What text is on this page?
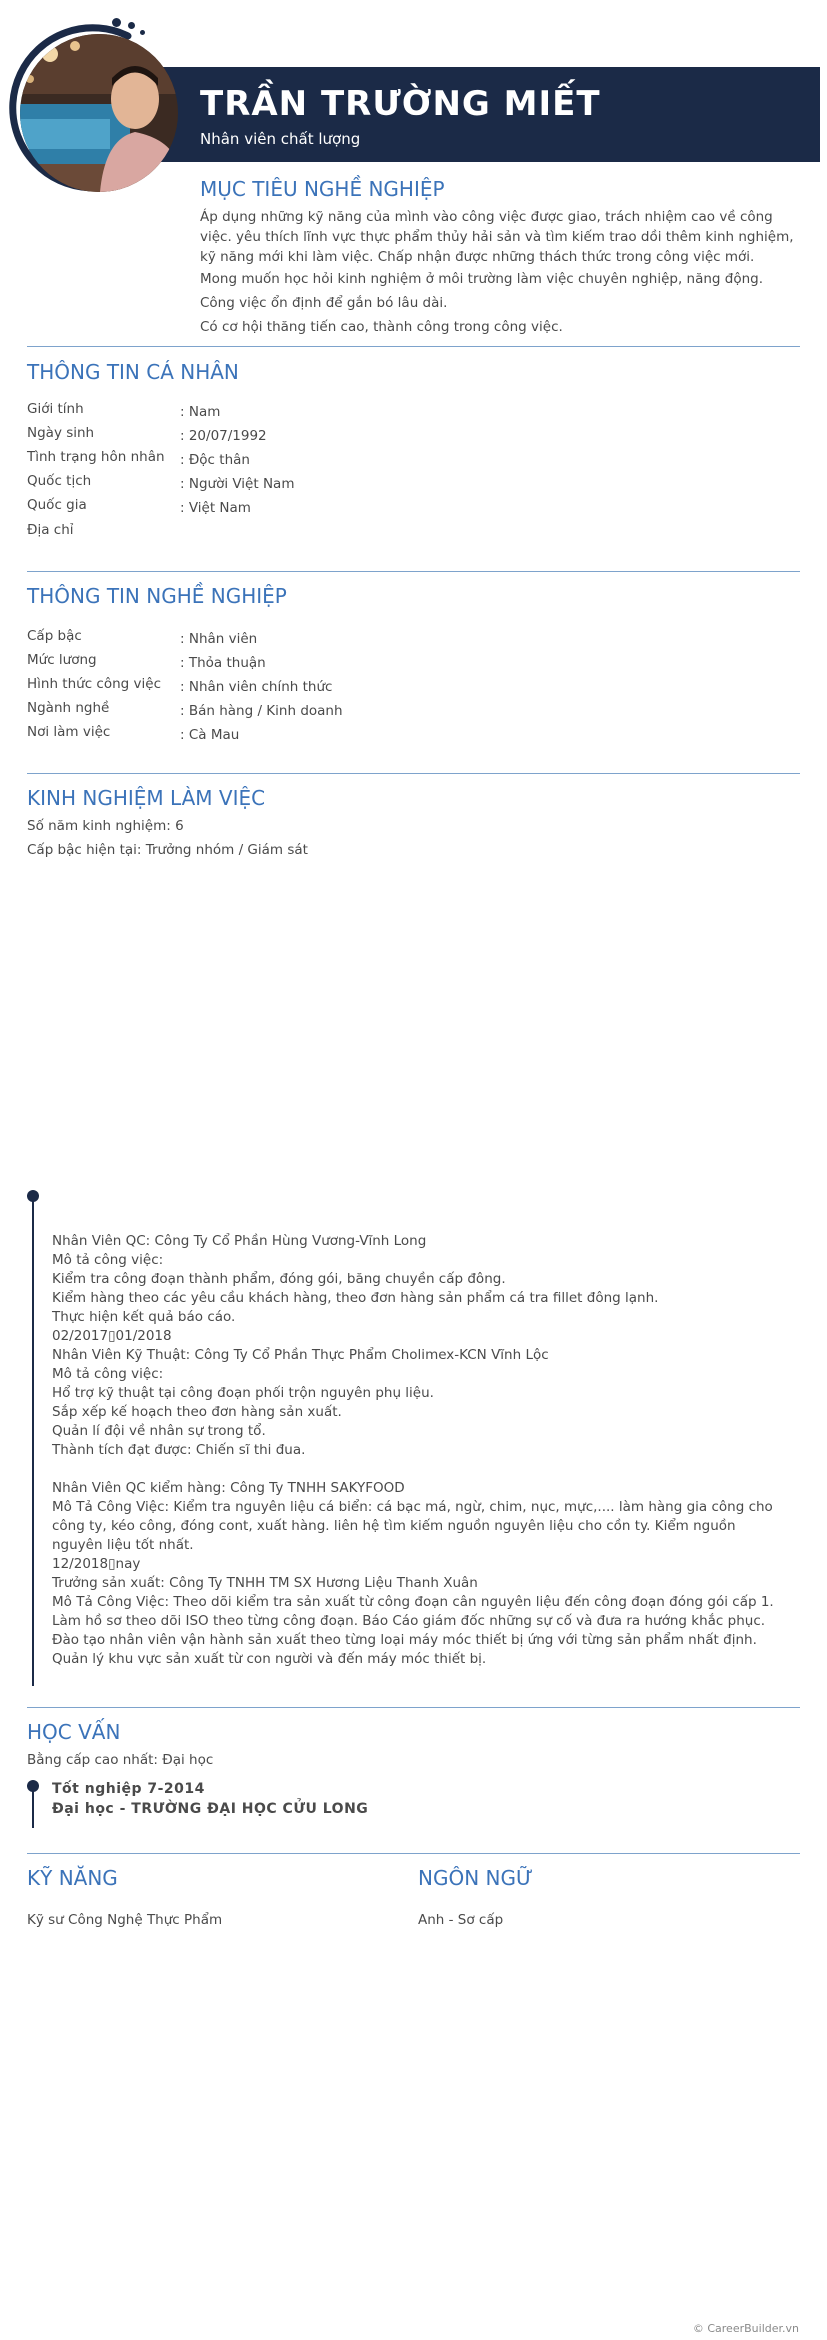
TRẦN TRƯỜNG MIẾT
Nhân viên chất lượng
MỤC TIÊU NGHỀ NGHIỆP
Áp dụng những kỹ năng của mình vào công việc được giao, trách nhiệm cao về công việc. yêu thích lĩnh vực thực phẩm thủy hải sản và tìm kiếm trao dồi thêm kinh nghiệm, kỹ năng mới khi làm việc. Chấp nhận được những thách thức trong công việc mới.
Mong muốn học hỏi kinh nghiệm ở môi trường làm việc chuyên nghiệp, năng động.
Công việc ổn định để gắn bó lâu dài.
Có cơ hội thăng tiến cao, thành công trong công việc.
THÔNG TIN CÁ NHÂN
Giới tính	: Nam
Ngày sinh	: 20/07/1992
Tình trạng hôn nhân : Độc thân
Quốc tịch	: Người Việt Nam
Quốc gia	: Việt Nam
Địa chỉ
THÔNG TIN NGHỀ NGHIỆP
Cấp bậc	: Nhân viên
Mức lương	: Thỏa thuận
Hình thức công việc : Nhân viên chính thức
Ngành nghề	: Bán hàng / Kinh doanh
Nơi làm việc	: Cà Mau
KINH NGHIỆM LÀM VIỆC
Số năm kinh nghiệm: 6
Cấp bậc hiện tại: Trưởng nhóm / Giám sát
Nhân Viên QC: Công Ty Cổ Phần Hùng Vương-Vĩnh Long
Mô tả công việc:
Kiểm tra công đoạn thành phẩm, đóng gói, băng chuyền cấp đông.
Kiểm hàng theo các yêu cầu khách hàng, theo đơn hàng sản phẩm cá tra fillet đông lạnh.
Thực hiện kết quả báo cáo.
02/2017▯01/2018
Nhân Viên Kỹ Thuật: Công Ty Cổ Phần Thực Phẩm Cholimex-KCN Vĩnh Lộc
Mô tả công việc:
Hổ trợ kỹ thuật tại công đoạn phối trộn nguyên phụ liệu.
Sắp xếp kế hoạch theo đơn hàng sản xuất.
Quản lí đội về nhân sự trong tổ.
Thành tích đạt được: Chiến sĩ thi đua.
Nhân Viên QC kiểm hàng: Công Ty TNHH SAKYFOOD
Mô Tả Công Việc: Kiểm tra nguyên liệu cá biển: cá bạc má, ngừ, chim, nục, mực,.... làm hàng gia công cho công ty, kéo công, đóng cont, xuất hàng. liên hệ tìm kiếm nguồn nguyên liệu cho cồn ty. Kiểm nguồn nguyên liệu tốt nhất.
12/2018▯nay
Trưởng sản xuất: Công Ty TNHH TM SX Hương Liệu Thanh Xuân
Mô Tả Công Việc: Theo dõi kiểm tra sản xuất từ công đoạn cân nguyên liệu đến công đoạn đóng gói cấp 1. Làm hồ sơ theo dõi ISO theo từng công đoạn. Báo Cáo giám đốc những sự cố và đưa ra hướng khắc phục. Đào tạo nhân viên vận hành sản xuất theo từng loại máy móc thiết bị ứng với từng sản phẩm nhất định. Quản lý khu vực sản xuất từ con người và đến máy móc thiết bị.
HỌC VẤN
Bằng cấp cao nhất: Đại học
Tốt nghiệp 7-2014
Đại học - TRƯỜNG ĐẠI HỌC CỬU LONG
KỸ NĂNG
Kỹ sư Công Nghệ Thực Phẩm
NGÔN NGỮ
Anh - Sơ cấp
© CareerBuilder.vn
